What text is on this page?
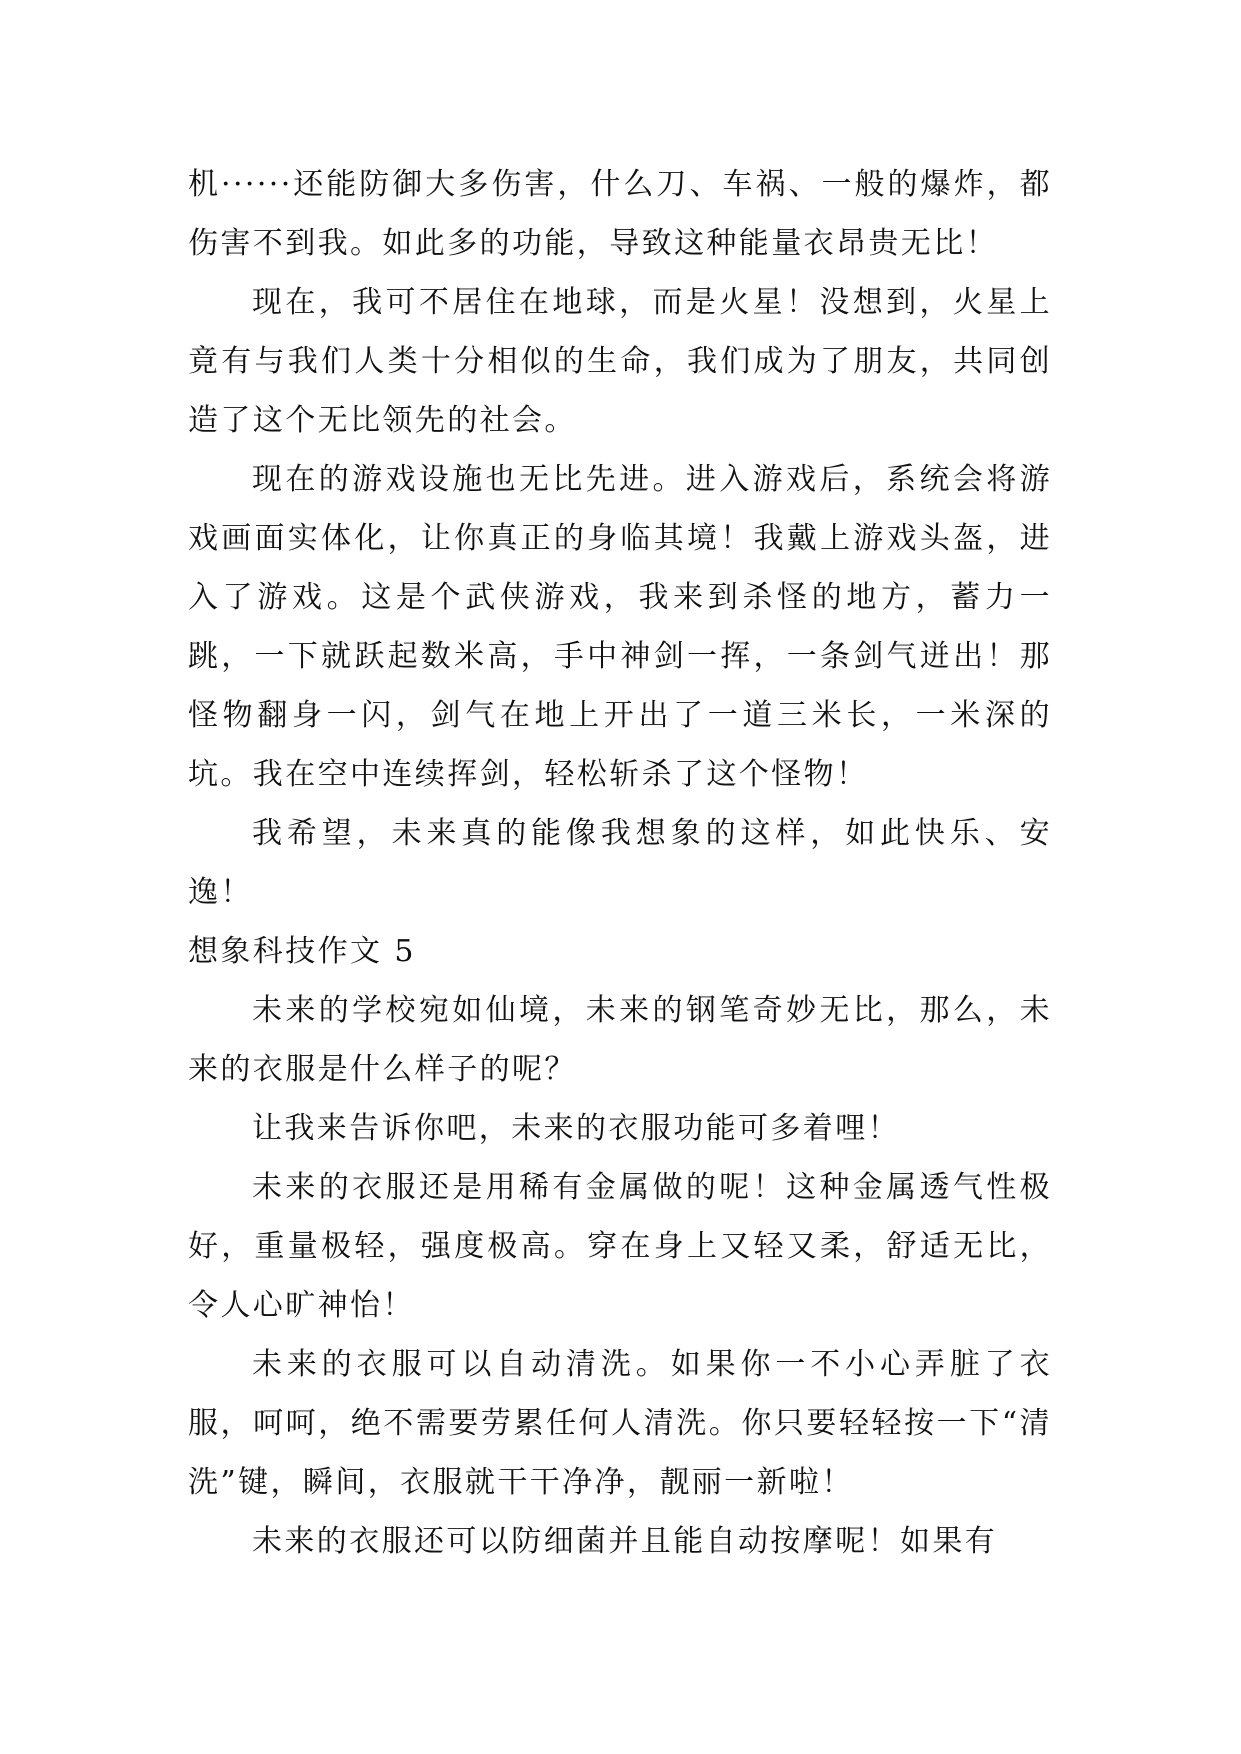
机······还能防御大多伤害，什么刀、车祸、一般的爆炸，都伤害不到我。如此多的功能，导致这种能量衣昂贵无比！

现在，我可不居住在地球，而是火星！没想到，火星上竟有与我们人类十分相似的生命，我们成为了朋友，共同创造了这个无比领先的社会。

现在的游戏设施也无比先进。进入游戏后，系统会将游戏画面实体化，让你真正的身临其境！我戴上游戏头盔，进入了游戏。这是个武侠游戏，我来到杀怪的地方，蓄力一跳，一下就跃起数米高，手中神剑一挥，一条剑气迸出！那怪物翻身一闪，剑气在地上开出了一道三米长，一米深的坑。我在空中连续挥剑，轻松斩杀了这个怪物！

我希望，未来真的能像我想象的这样，如此快乐、安逸！

想象科技作文 5

未来的学校宛如仙境，未来的钢笔奇妙无比，那么，未来的衣服是什么样子的呢？

让我来告诉你吧，未来的衣服功能可多着哩！

未来的衣服还是用稀有金属做的呢！这种金属透气性极好，重量极轻，强度极高。穿在身上又轻又柔，舒适无比，令人心旷神怡！

未来的衣服可以自动清洗。如果你一不小心弄脏了衣服，呵呵，绝不需要劳累任何人清洗。你只要轻轻按一下“清洗”键，瞬间，衣服就干干净净，靓丽一新啦！

未来的衣服还可以防细菌并且能自动按摩呢！如果有
